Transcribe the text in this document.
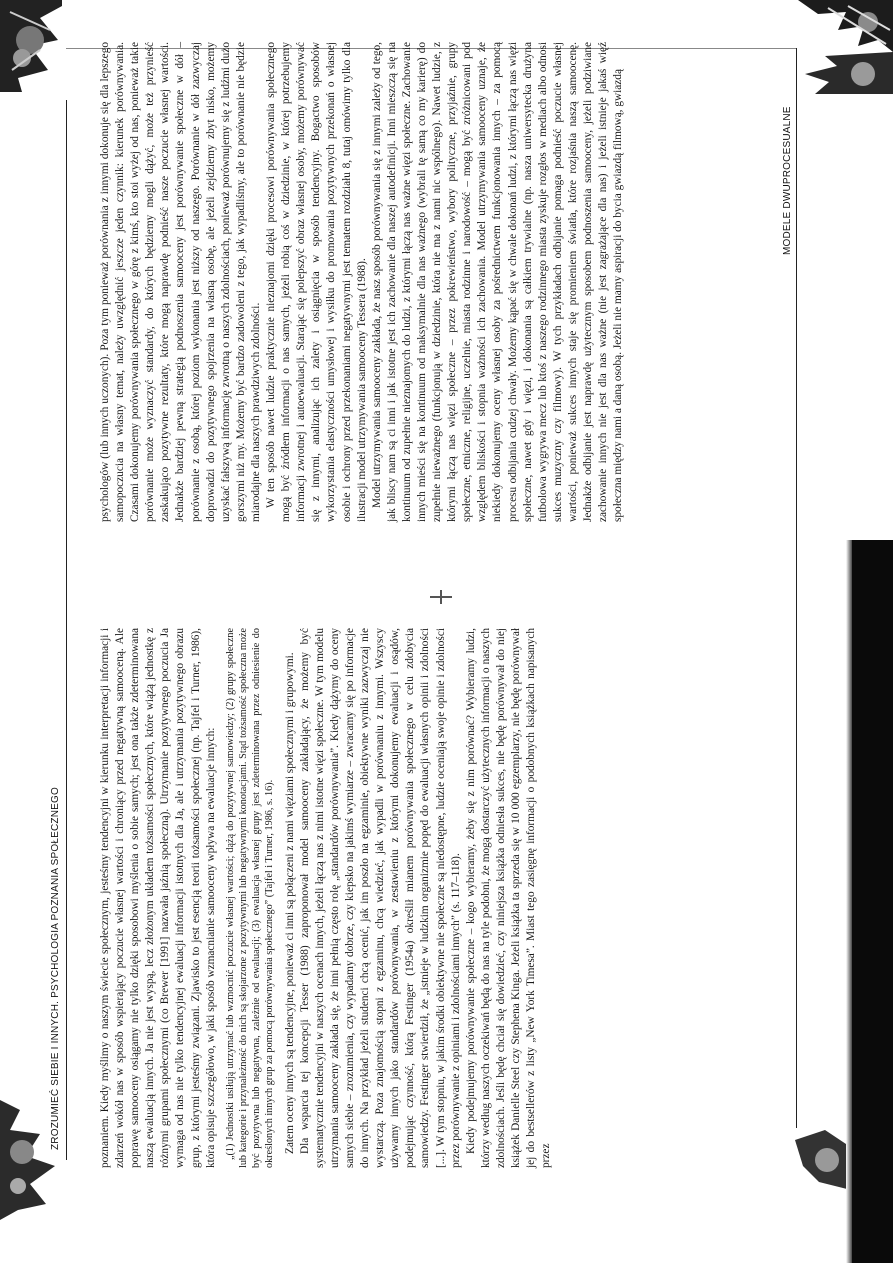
ZROZUMIEĆ SIEBIE I INNYCH. PSYCHOLOGIA POZNANIA SPOŁECZNEGO
MODELE DWUPROCESUALNE

poznaniem. Kiedy myślimy o naszym świecie społecznym, jesteśmy tendencyjni w kierunku interpretacji informacji i zdarzeń wokół nas w sposób wspierający poczucie własnej wartości i chroniący przed negatywną samooceną. Ale poprawę samooceny osiągamy nie tylko dzięki sposobowi myślenia o sobie samych; jest ona także zdeterminowana naszą ewaluacją innych. Ja nie jest wyspą, lecz złożonym układem tożsamości społecznych, które wiążą jednostkę z różnymi grupami społecznymi (co Brewer [1991] nazwała jaźnią społeczną). Utrzymanie pozytywnego poczucia Ja wymaga od nas nie tylko tendencyjnej ewaluacji informacji istotnych dla Ja, ale i utrzymania pozytywnego obrazu grup, z którymi jesteśmy związani. Zjawisko to jest esencją teorii tożsamości społecznej (np. Tajfel i Turner, 1986), która opisuje szczegółowo, w jaki sposób wzmacnianie samooceny wpływa na ewaluacje innych: „(1) Jednostki usiłują utrzymać lub wzmocnić poczucie własnej wartości; dążą do pozytywnej samowiedzy; (2) grupy społeczne lub kategorie i przynależność do nich są skojarzone z pozytywnymi lub negatywnymi konotacjami. Stąd tożsamość społeczna może być pozytywna lub negatywna, zależnie od ewaluacji; (3) ewaluacja własnej grupy jest zdeterminowana przez odniesienie do określonych innych grup za pomocą porównywania społecznego” (Tajfel i Turner, 1986, s. 16). Zatem oceny innych są tendencyjne, ponieważ ci inni są połączeni z nami więziami społecznymi i grupowymi. Dla wsparcia tej koncepcji Tesser (1988) zaproponował model samooceny zakładający, że możemy być systematycznie tendencyjni w naszych ocenach innych, jeżeli łączą nas z nimi istotne więzi społeczne. W tym modelu utrzymania samooceny zakłada się, że inni pełnią często rolę „standardów porównywania”. Kiedy dążymy do oceny samych siebie – zrozumienia, czy wypadamy dobrze, czy kiepsko na jakimś wymiarze – zwracamy się po informacje do innych. Na przykład jeżeli studenci chcą ocenić, jak im poszło na egzaminie, obiektywne wyniki zazwyczaj nie wystarczą. Poza znajomością stopni z egzaminu, chcą wiedzieć, jak wypadli w porównaniu z innymi. Wszyscy używamy innych jako standardów porównywania, w zestawieniu z którymi dokonujemy ewaluacji i osądów, podejmując czynność, którą Festinger (1954a) określił mianem porównywania społecznego w celu zdobycia samowiedzy. Festinger stwierdził, że „istnieje w ludzkim organizmie popęd do ewaluacji własnych opinii i zdolności [...]. W tym stopniu, w jakim środki obiektywne nie społeczne są niedostępne, ludzie oceniają swoje opinie i zdolności przez porównywanie z opiniami i zdolnościami innych” (s. 117–118). Kiedy podejmujemy porównywanie społeczne – kogo wybieramy, żeby się z nim porównać? Wybieramy ludzi, którzy według naszych oczekiwań będą do nas na tyle podobni, że mogą dostarczyć użytecznych informacji o naszych zdolnościach. Jeśli będę chciał się dowiedzieć, czy niniejsza książka odniesła sukces, nie będę porównywał do niej książek Danielle Steel czy Stephena Kinga. Jeżeli książka ta sprzeda się w 10 000 egzemplarzy, nie będę porównywał jej do bestsellerów z listy „New York Timesa”. Miast tego zasięgnę informacji o podobnych książkach napisanych przez

psychologów (lub innych uczonych). Poza tym ponieważ porównania z innymi dokonuje się dla lepszego samopoczucia na własny temat, należy uwzględnić jeszcze jeden czynnik: kierunek porównywania. Czasami dokonujemy porównywania społecznego w górę z kimś, kto stoi wyżej od nas, ponieważ takie porównanie może wyznaczyć standardy, do których będziemy mogli dążyć, może też przynieść zaskakująco pozytywne rezultaty, które mogą naprawdę podnieść nasze poczucie własnej wartości. Jednakże bardziej pewną strategią podnoszenia samooceny jest porównywanie społeczne w dół – porównanie z osobą, której poziom wykonania jest niższy od naszego. Porównanie w dół zazwyczaj doprowadzi do pozytywnego spojrzenia na własną osobę, ale jeżeli zejdziemy zbyt nisko, możemy uzyskać fałszywą informację zwrotną o naszych zdolnościach, ponieważ porównujemy się z ludźmi dużo gorszymi niż my. Możemy być bardzo zadowoleni z tego, jak wypadliśmy, ale to porównanie nie będzie miarodajne dla naszych prawdziwych zdolności. W ten sposób nawet ludzie praktycznie nieznajomi dzięki procesowi porównywania społecznego mogą być źródłem informacji o nas samych, jeżeli robią coś w dziedzinie, w której potrzebujemy informacji zwrotnej i autoewaluacji. Starając się polepszyć obraz własnej osoby, możemy porównywać się z innymi, analizując ich zalety i osiągnięcia w sposób tendencyjny. Bogactwo sposobów wykorzystania elastyczności umysłowej i wysiłku do promowania pozytywnych przekonań o własnej osobie i ochrony przed przekonaniami negatywnymi jest tematem rozdziału 8, tutaj omówimy tylko dla ilustracji model utrzymywania samooceny Tessera (1988). Model utrzymywania samooceny zakłada, że nasz sposób porównywania się z innymi zależy od tego, jak bliscy nam są ci inni i jak istotne jest ich zachowanie dla naszej autodefinicji. Inni mieszczą się na kontinuum od zupełnie nieznajomych do ludzi, z którymi łączą nas ważne więzi społeczne. Zachowanie innych mieści się na kontinuum od maksymalnie dla nas ważnego (wybrali tę samą co my karierę) do zupełnie nieważnego (funkcjonują w dziedzinie, która nie ma z nami nic wspólnego). Nawet ludzie, z którymi łączą nas więzi społeczne – przez pokrewieństwo, wybory polityczne, przyjaźnie, grupy społeczne, etniczne, religijne, uczelnie, miasta rodzinne i narodowość – mogą być zróżnicowani pod względem bliskości i stopnia ważności ich zachowania. Model utrzymywania samooceny uznaje, że niekiedy dokonujemy oceny własnej osoby za pośrednictwem funkcjonowania innych – za pomocą procesu odbijania cudzej chwały. Możemy kąpać się w chwale dokonań ludzi, z którymi łączą nas więzi społeczne, nawet gdy i więzi, i dokonania są całkiem trywialne (np. nasza uniwersytecka drużyna futbolowa wygrywa mecz lub ktoś z naszego rodzinnego miasta zyskuje rozgłos w mediach albo odnosi sukces muzyczny czy filmowy). W tych przykładach odbijanie pomaga podnieść poczucie własnej wartości, ponieważ sukces innych staje się promieniem światła, które rozjaśnia naszą samoocenę. Jednakże odbijanie jest naprawdę użytecznym sposobem podnoszenia samooceny, jeżeli podziwiane zachowanie innych nie jest dla nas ważne (nie jest zagrażające dla nas) i jeżeli istnieje jakaś więź społeczna między nami a daną osobą. Jeżeli nie mamy aspiracji do bycia gwiazdą filmową, gwiazdą
